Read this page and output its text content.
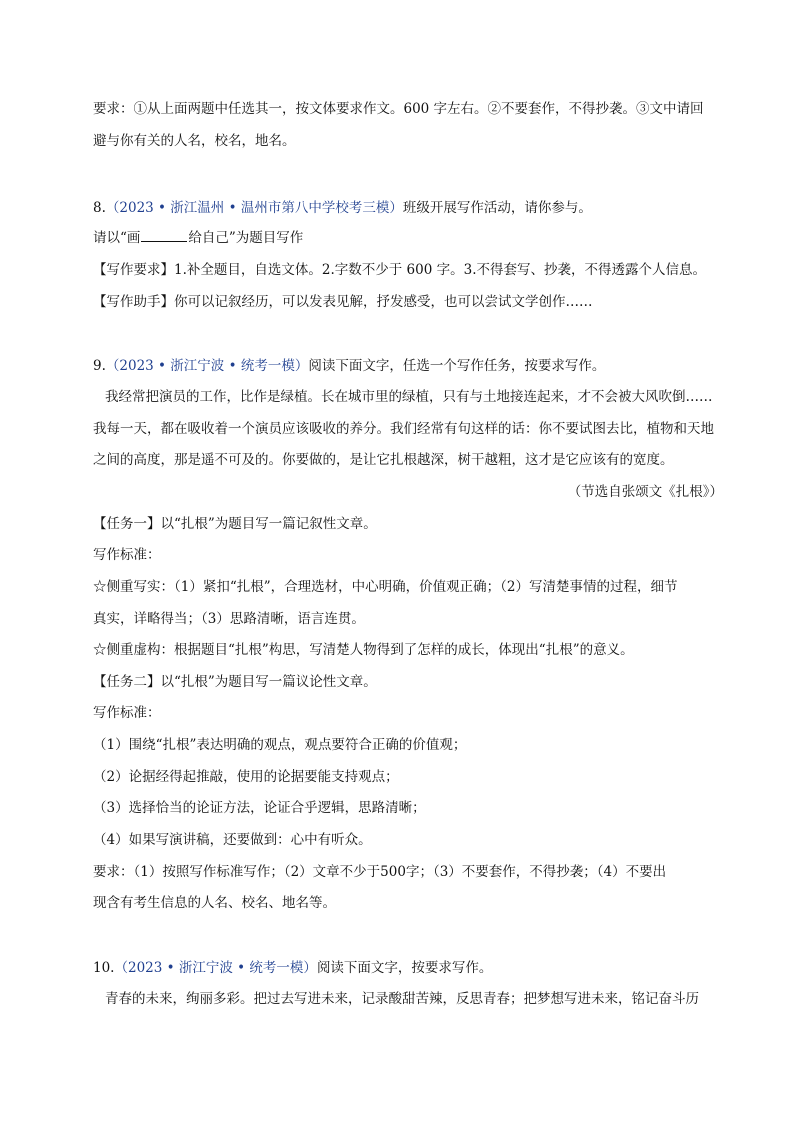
要求：①从上面两题中任选其一，按文体要求作文。600 字左右。②不要套作，不得抄袭。③文中请回
避与你有关的人名，校名，地名。
8.（2023 • 浙江温州 • 温州市第八中学校考三模）班级开展写作活动，请你参与。
请以“画	给自己”为题目写作
【写作要求】1.补全题目，自选文体。2.字数不少于 600 字。3.不得套写、抄袭，不得透露个人信息。
【写作助手】你可以记叙经历，可以发表见解，抒发感受，也可以尝试文学创作……
9.（2023 • 浙江宁波 • 统考一模）阅读下面文字，任选一个写作任务，按要求写作。
我经常把演员的工作，比作是绿植。长在城市里的绿植，只有与土地接连起来，才不会被大风吹倒……
我每一天，都在吸收着一个演员应该吸收的养分。我们经常有句这样的话：你不要试图去比，植物和天地
之间的高度，那是遥不可及的。你要做的，是让它扎根越深，树干越粗，这才是它应该有的宽度。
（节选自张颂文《扎根》）
【任务一】以“扎根”为题目写一篇记叙性文章。
写作标准：
☆侧重写实：（1）紧扣“扎根”，合理选材，中心明确，价值观正确；（2）写清楚事情的过程，细节
真实，详略得当；（3）思路清晰，语言连贯。
☆侧重虚构：根据题目“扎根”构思，写清楚人物得到了怎样的成长，体现出“扎根”的意义。
【任务二】以“扎根”为题目写一篇议论性文章。
写作标准：
（1）围绕“扎根”表达明确的观点，观点要符合正确的价值观；
（2）论据经得起推敲，使用的论据要能支持观点；
（3）选择恰当的论证方法，论证合乎逻辑，思路清晰；
（4）如果写演讲稿，还要做到：心中有听众。
要求：（1）按照写作标准写作；（2）文章不少于500字；（3）不要套作，不得抄袭；（4）不要出
现含有考生信息的人名、校名、地名等。
10.（2023 • 浙江宁波 • 统考一模）阅读下面文字，按要求写作。
青春的未来，绚丽多彩。把过去写进未来，记录酸甜苦辣，反思青春；把梦想写进未来，铭记奋斗历
